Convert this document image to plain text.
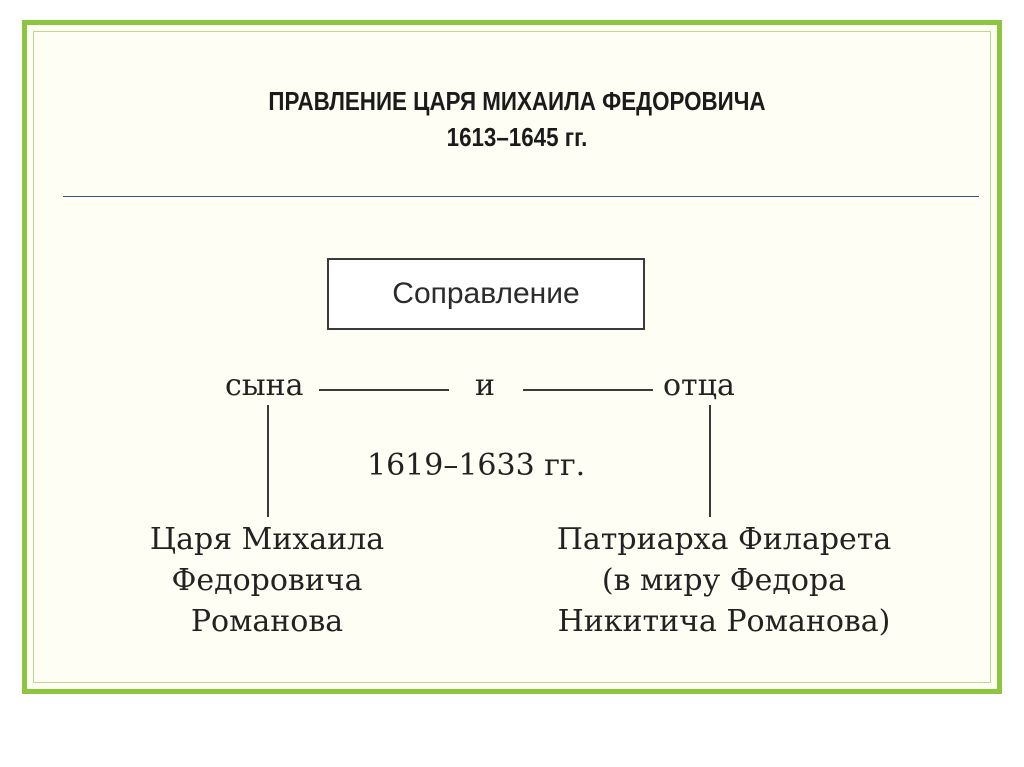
ПРАВЛЕНИЕ ЦАРЯ МИХАИЛА ФЕДОРОВИЧА
1613–1645 гг.
Соправление
сына	и	отца
1619–1633 гг.
Царя Михаила
Федоровича
Романова
Патриарха Филарета
(в миру Федора
Никитича Романова)
